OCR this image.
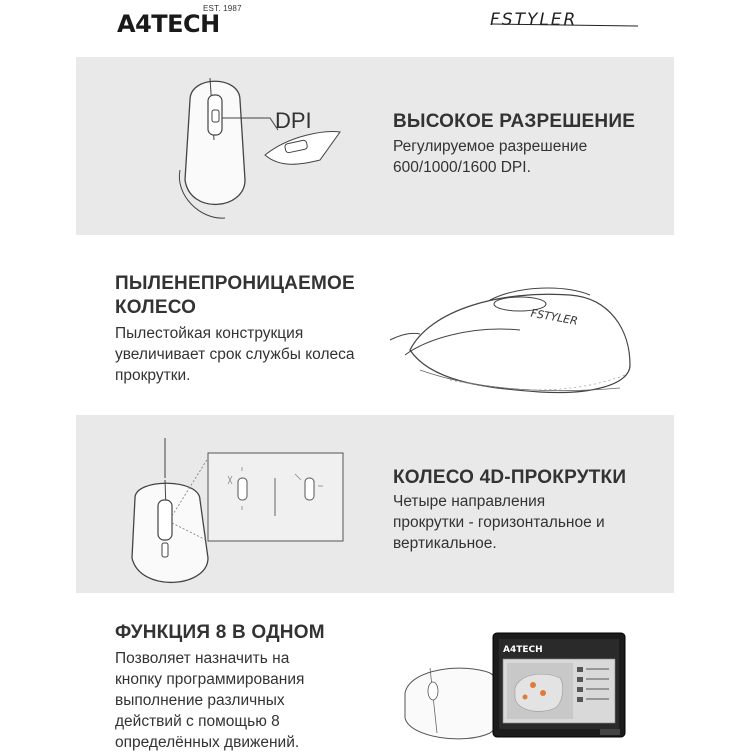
A4TECH
EST. 1987
FSTYLER
DPI	ВЫСОКОЕ РАЗРЕШЕНИЕ
Регулируемое разрешение
600/1000/1600 DPI.
ПЫЛЕНЕПРОНИЦАЕМОЕ
КОЛЕСО
Пылестойкая конструкция
увеличивает срок службы колеса
прокрутки.
FSTYLER
КОЛЕСО 4D-ПРОКРУТКИ
Четыре направления
прокрутки - горизонтальное и
вертикальное.
ФУНКЦИЯ 8 В ОДНОМ
Позволяет назначить на
кнопку программирования
выполнение различных
действий с помощью 8
определённых движений.
A4TECH
